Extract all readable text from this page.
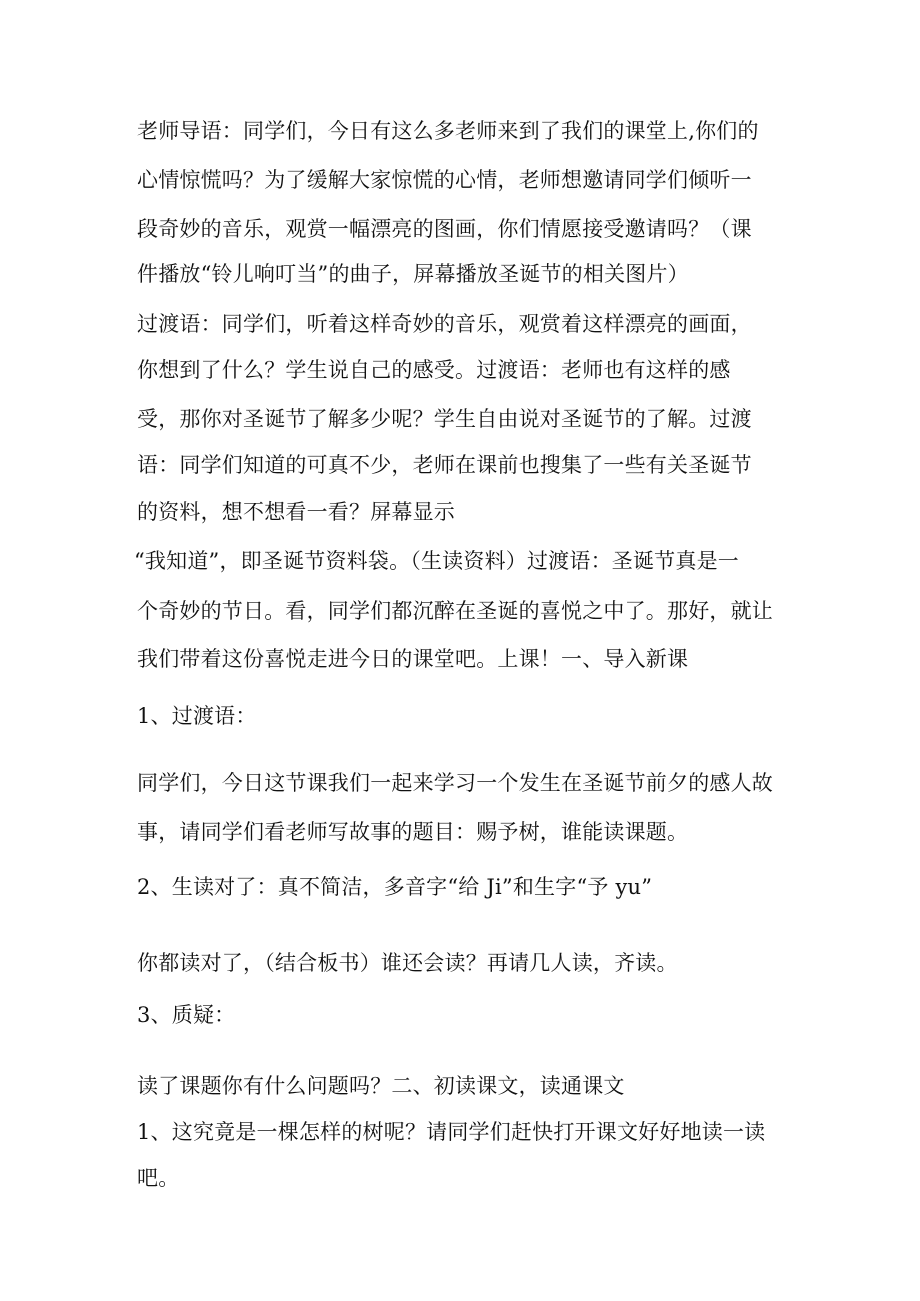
老师导语：同学们，今日有这么多老师来到了我们的课堂上,你们的
心情惊慌吗？为了缓解大家惊慌的心情，老师想邀请同学们倾听一
段奇妙的音乐，观赏一幅漂亮的图画，你们情愿接受邀请吗？（课
件播放“铃儿响叮当”的曲子，屏幕播放圣诞节的相关图片）
过渡语：同学们，听着这样奇妙的音乐，观赏着这样漂亮的画面，
你想到了什么？学生说自己的感受。过渡语：老师也有这样的感
受，那你对圣诞节了解多少呢？学生自由说对圣诞节的了解。过渡
语：同学们知道的可真不少，老师在课前也搜集了一些有关圣诞节
的资料，想不想看一看？屏幕显示
“我知道”，即圣诞节资料袋。（生读资料）过渡语：圣诞节真是一
个奇妙的节日。看，同学们都沉醉在圣诞的喜悦之中了。那好，就让
我们带着这份喜悦走进今日的课堂吧。上课！一、导入新课
1、过渡语：
同学们，今日这节课我们一起来学习一个发生在圣诞节前夕的感人故
事，请同学们看老师写故事的题目：赐予树，谁能读课题。
2、生读对了：真不简洁，多音字“给 Ji”和生字“予 yu”
你都读对了，（结合板书）谁还会读？再请几人读，齐读。
3、质疑：
读了课题你有什么问题吗？二、初读课文，读通课文
1、这究竟是一棵怎样的树呢？请同学们赶快打开课文好好地读一读
吧。
